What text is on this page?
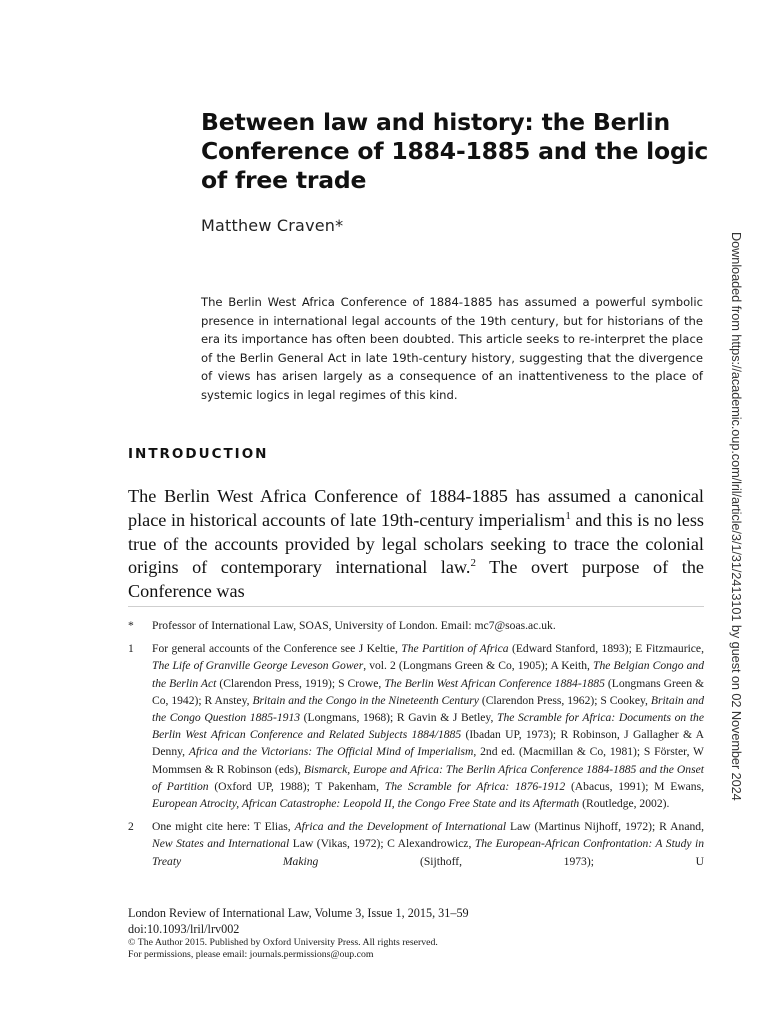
Between law and history: the Berlin Conference of 1884-1885 and the logic of free trade
Matthew Craven*

The Berlin West Africa Conference of 1884-1885 has assumed a powerful symbolic presence in international legal accounts of the 19th century, but for historians of the era its importance has often been doubted. This article seeks to re-interpret the place of the Berlin General Act in late 19th-century history, suggesting that the divergence of views has arisen largely as a consequence of an inattentiveness to the place of systemic logics in legal regimes of this kind.

INTRODUCTION

The Berlin West Africa Conference of 1884-1885 has assumed a canonical place in historical accounts of late 19th-century imperialism$^1$ and this is no less true of the accounts provided by legal scholars seeking to trace the colonial origins of contemporary international law.$^2$ The overt purpose of the Conference was

*	Professor of International Law, SOAS, University of London. Email: mc7@soas.ac.uk.

1	For general accounts of the Conference see J Keltie, The Partition of Africa (Edward Stanford, 1893); E Fitzmaurice, The Life of Granville George Leveson Gower, vol. 2 (Longmans Green & Co, 1905); A Keith, The Belgian Congo and the Berlin Act (Clarendon Press, 1919); S Crowe, The Berlin West African Conference 1884-1885 (Longmans Green & Co, 1942); R Anstey, Britain and the Congo in the Nineteenth Century (Clarendon Press, 1962); S Cookey, Britain and the Congo Question 1885-1913 (Longmans, 1968); R Gavin & J Betley, The Scramble for Africa: Documents on the Berlin West African Conference and Related Subjects 1884/1885 (Ibadan UP, 1973); R Robinson, J Gallagher & A Denny, Africa and the Victorians: The Official Mind of Imperialism, 2nd ed. (Macmillan & Co, 1981); S Förster, W Mommsen & R Robinson (eds), Bismarck, Europe and Africa: The Berlin Africa Conference 1884-1885 and the Onset of Partition (Oxford UP, 1988); T Pakenham, The Scramble for Africa: 1876-1912 (Abacus, 1991); M Ewans, European Atrocity, African Catastrophe: Leopold II, the Congo Free State and its Aftermath (Routledge, 2002).

2	One might cite here: T Elias, Africa and the Development of International Law (Martinus Nijhoff, 1972); R Anand, New States and International Law (Vikas, 1972); C Alexandrowicz, The European-African Confrontation: A Study in Treaty Making (Sijthoff, 1973); U

London Review of International Law, Volume 3, Issue 1, 2015, 31–59
doi:10.1093/lril/lrv002
© The Author 2015. Published by Oxford University Press. All rights reserved.
For permissions, please email: journals.permissions@oup.com
Downloaded from https://academic.oup.com/lril/article/3/1/31/2413101 by guest on 02 November 2024
